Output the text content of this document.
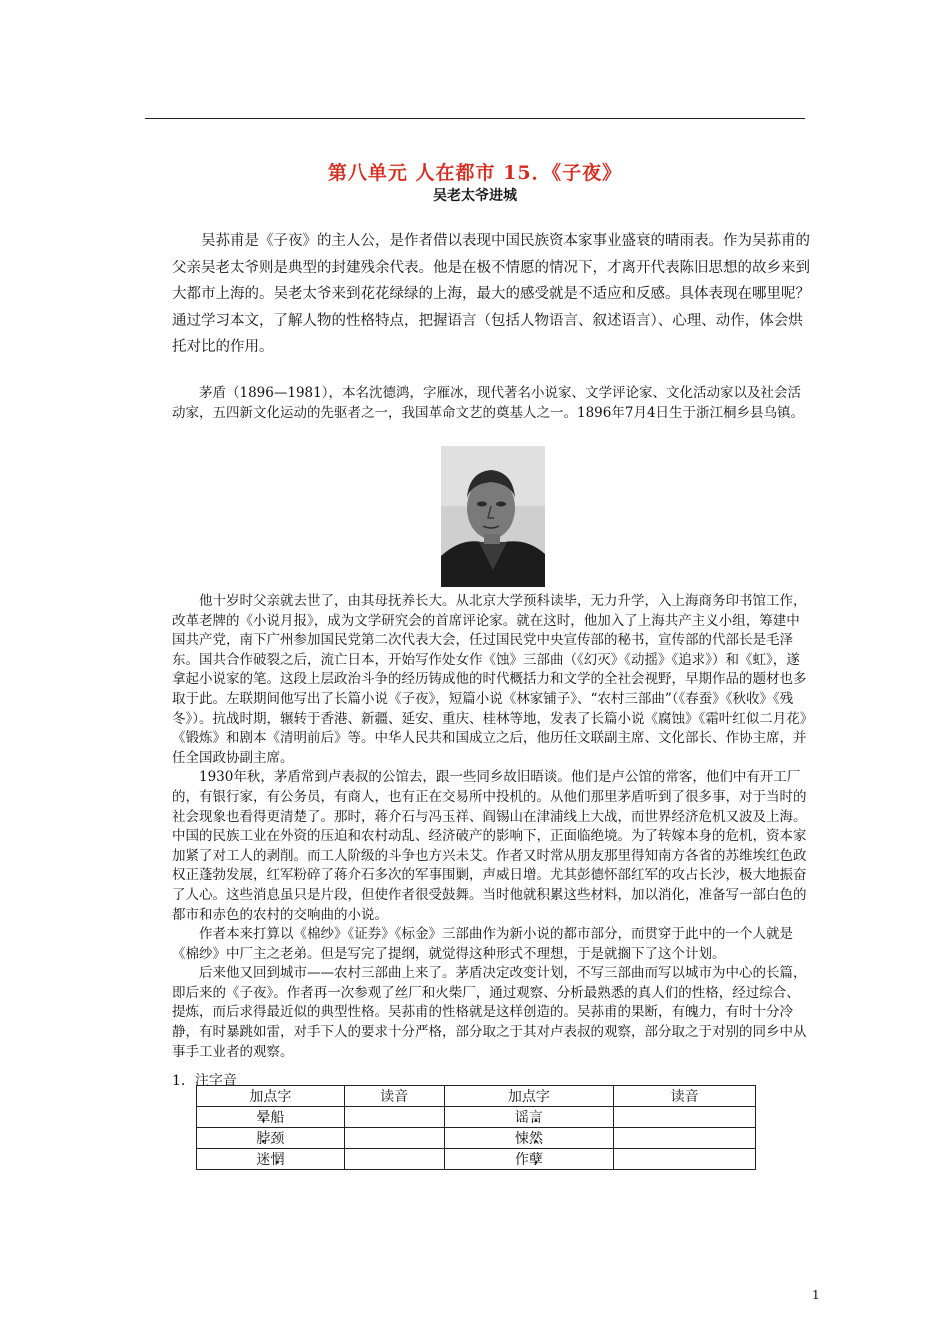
第八单元 人在都市 15．《子夜》
吴老太爷进城

吴荪甫是《子夜》的主人公，是作者借以表现中国民族资本家事业盛衰的晴雨表。作为吴荪甫的父亲吴老太爷则是典型的封建残余代表。他是在极不情愿的情况下，才离开代表陈旧思想的故乡来到大都市上海的。吴老太爷来到花花绿绿的上海，最大的感受就是不适应和反感。具体表现在哪里呢？通过学习本文，了解人物的性格特点，把握语言（包括人物语言、叙述语言）、心理、动作，体会烘托对比的作用。

茅盾（1896—1981），本名沈德鸿，字雁冰，现代著名小说家、文学评论家、文化活动家以及社会活动家，五四新文化运动的先驱者之一，我国革命文艺的奠基人之一。1896年7月4日生于浙江桐乡县乌镇。

他十岁时父亲就去世了，由其母抚养长大。从北京大学预科读毕，无力升学，入上海商务印书馆工作，改革老牌的《小说月报》，成为文学研究会的首席评论家。就在这时，他加入了上海共产主义小组，筹建中国共产党，南下广州参加国民党第二次代表大会，任过国民党中央宣传部的秘书，宣传部的代部长是毛泽东。国共合作破裂之后，流亡日本，开始写作处女作《蚀》三部曲（《幻灭》《动摇》《追求》）和《虹》，遂拿起小说家的笔。这段上层政治斗争的经历铸成他的时代概括力和文学的全社会视野，早期作品的题材也多取于此。左联期间他写出了长篇小说《子夜》，短篇小说《林家铺子》、“农村三部曲”（《春蚕》《秋收》《残冬》）。抗战时期，辗转于香港、新疆、延安、重庆、桂林等地，发表了长篇小说《腐蚀》《霜叶红似二月花》《锻炼》和剧本《清明前后》等。中华人民共和国成立之后，他历任文联副主席、文化部长、作协主席，并任全国政协副主席。

1930年秋，茅盾常到卢表叔的公馆去，跟一些同乡故旧晤谈。他们是卢公馆的常客，他们中有开工厂的，有银行家，有公务员，有商人，也有正在交易所中投机的。从他们那里茅盾听到了很多事，对于当时的社会现象也看得更清楚了。那时，蒋介石与冯玉祥、阎锡山在津浦线上大战，而世界经济危机又波及上海。中国的民族工业在外资的压迫和农村动乱、经济破产的影响下，正面临绝境。为了转嫁本身的危机，资本家加紧了对工人的剥削。而工人阶级的斗争也方兴未艾。作者又时常从朋友那里得知南方各省的苏维埃红色政权正蓬勃发展，红军粉碎了蒋介石多次的军事围剿，声威日增。尤其彭德怀部红军的攻占长沙，极大地振奋了人心。这些消息虽只是片段，但使作者很受鼓舞。当时他就积累这些材料，加以消化，准备写一部白色的都市和赤色的农村的交响曲的小说。

作者本来打算以《棉纱》《证券》《标金》三部曲作为新小说的都市部分，而贯穿于此中的一个人就是《棉纱》中厂主之老弟。但是写完了提纲，就觉得这种形式不理想，于是就搁下了这个计划。

后来他又回到城市——农村三部曲上来了。茅盾决定改变计划，不写三部曲而写以城市为中心的长篇，即后来的《子夜》。作者再一次参观了丝厂和火柴厂，通过观察、分析最熟悉的真人们的性格，经过综合、提炼，而后求得最近似的典型性格。吴荪甫的性格就是这样创造的。吴荪甫的果断，有魄力，有时十分冷静，有时暴跳如雷，对手下人的要求十分严格，部分取之于其对卢表叔的观察，部分取之于对别的同乡中从事手工业者的观察。

1．注字音
加点字	读音	加点字	读音
晕船		谣言	
脖颈		悚然	
迷惘		作孽	
1
